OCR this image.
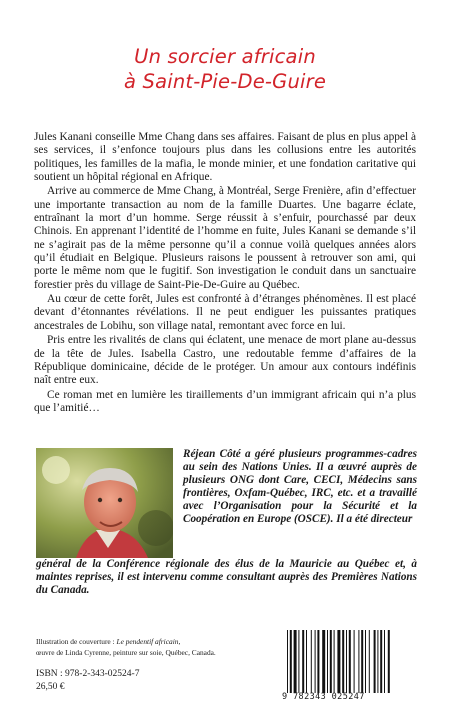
Un sorcier africain
à Saint-Pie-De-Guire

Jules Kanani conseille Mme Chang dans ses affaires. Faisant de plus en plus appel à ses services, il s’enfonce toujours plus dans les collusions entre les autorités politiques, les familles de la mafia, le monde minier, et une fondation caritative qui soutient un hôpital régional en Afrique.

Arrive au commerce de Mme Chang, à Montréal, Serge Frenière, afin d’effectuer une importante transaction au nom de la famille Duartes. Une bagarre éclate, entraînant la mort d’un homme. Serge réussit à s’enfuir, pourchassé par deux Chinois. En apprenant l’identité de l’homme en fuite, Jules Kanani se demande s’il ne s’agirait pas de la même personne qu’il a connue voilà quelques années alors qu’il étudiait en Belgique. Plusieurs raisons le poussent à retrouver son ami, qui porte le même nom que le fugitif. Son investigation le conduit dans un sanctuaire forestier près du village de Saint-Pie-De-Guire au Québec.

Au cœur de cette forêt, Jules est confronté à d’étranges phénomènes. Il est placé devant d’étonnantes révélations. Il ne peut endiguer les puissantes pratiques ancestrales de Lobihu, son village natal, remontant avec force en lui.

Pris entre les rivalités de clans qui éclatent, une menace de mort plane au-dessus de la tête de Jules. Isabella Castro, une redoutable femme d’affaires de la République dominicaine, décide de le protéger. Un amour aux contours indéfinis naît entre eux.

Ce roman met en lumière les tiraillements d’un immigrant africain qui n’a plus que l’amitié…

Réjean Côté a géré plusieurs programmes-cadres au sein des Nations Unies. Il a œuvré auprès de plusieurs ONG dont Care, CECI, Médecins sans frontières, Oxfam-Québec, IRC, etc. et a travaillé avec l’Organisation pour la Sécurité et la Coopération en Europe (OSCE). Il a été directeur
général de la Conférence régionale des élus de la Mauricie au Québec et, à maintes reprises, il est intervenu comme consultant auprès des Premières Nations du Canada.
Illustration de couverture : Le pendentif africain,
œuvre de Linda Cyrenne, peinture sur soie, Québec, Canada.
ISBN : 978-2-343-02524-7
26,50 €
9 782343 025247
